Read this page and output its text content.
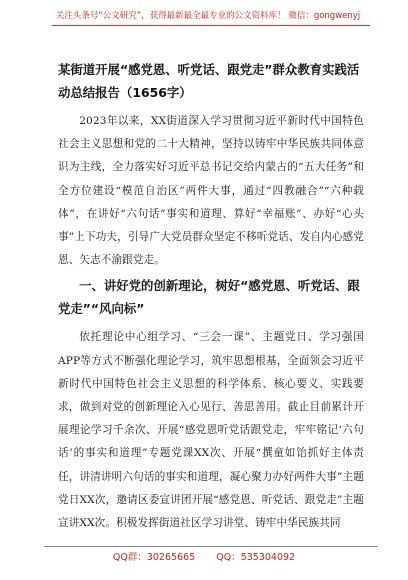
关注头条号“公文研究”，获得最新最全最专业的公文资料库！ 微信：gongwenyj
某街道开展“感党恩、听党话、跟党走”群众教育实践活动总结报告（1656字）

2023年以来，XX街道深入学习贯彻习近平新时代中国特色社会主义思想和党的二十大精神，坚持以铸牢中华民族共同体意识为主线，全力落实好习近平总书记交给内蒙古的“五大任务”和全方位建设“模范自治区”两件大事，通过“四教融合”“六种载体”，在讲好“六句话”事实和道理、算好“幸福账”、办好“心头事”上下功夫，引导广大党员群众坚定不移听党话、发自内心感党恩、矢志不渝跟党走。

一、讲好党的创新理论，树好“感党恩、听党话、跟党走”“风向标”

依托理论中心组学习、“三会一课”、主题党日、学习强国APP等方式不断强化理论学习，筑牢思想根基，全面领会习近平新时代中国特色社会主义思想的科学体系、核心要义、实践要求，做到对党的创新理论入心见行、善思善用。截止目前累计开展理论学习千余次、开展“感党恩听党话跟党走，牢牢铭记‘六句话’的事实和道理”专题党课XX次、开展“撰童如饴抓好主体责任，讲清讲明六句话的事实和道理，凝心聚力办好两件大事”主题党日XX次，邀请区委宣讲团开展“感党恩、听党话、跟党走”主题宣讲XX次。积极发挥街道社区学习讲堂、铸牢中华民族共同

QQ群：30265665 QQ：535304092
